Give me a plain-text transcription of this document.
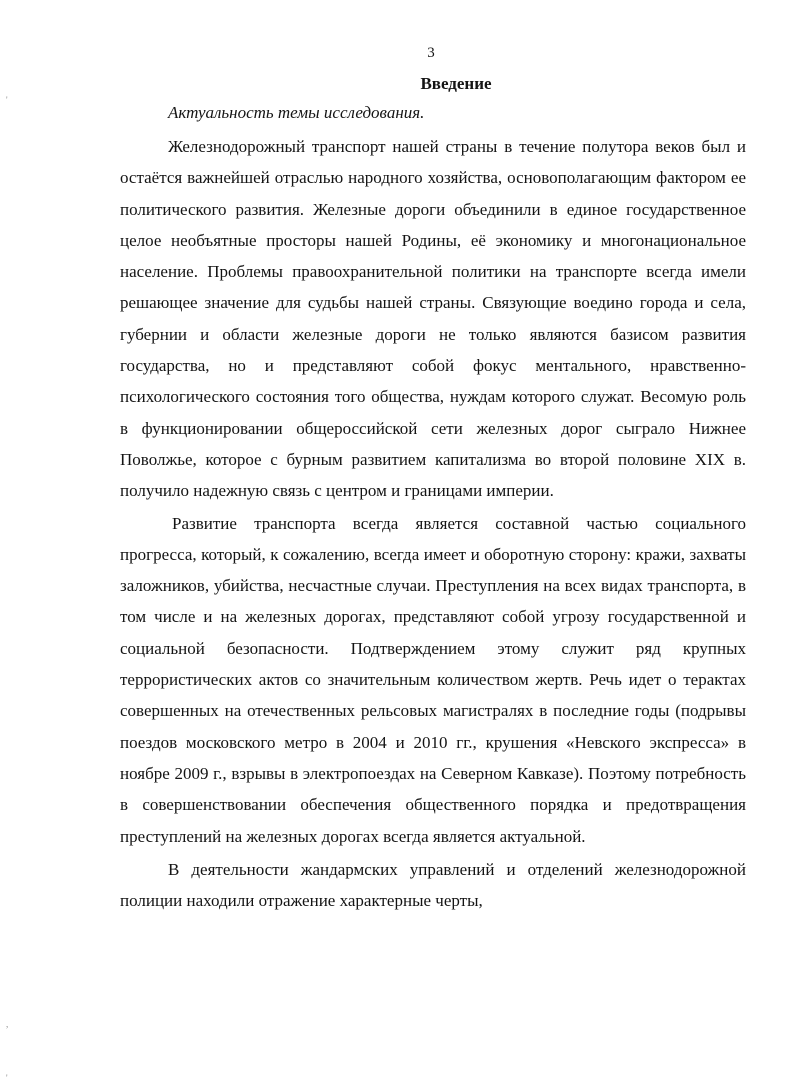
'
,
'
3
Введение
Актуальность темы исследования.

Железнодорожный транспорт нашей страны в течение полутора веков был и остаётся важнейшей отраслью народного хозяйства, основополагающим фактором ее политического развития. Железные дороги объединили в единое государственное целое необъятные просторы нашей Родины, её экономику и многонациональное население. Проблемы правоохранительной политики на транспорте всегда имели решающее значение для судьбы нашей страны. Связующие воедино города и села, губернии и области железные дороги не только являются базисом развития государства, но и представляют собой фокус ментального, нравственно-психологического состояния того общества, нуждам которого служат. Весомую роль в функционировании общероссийской сети железных дорог сыграло Нижнее Поволжье, которое с бурным развитием капитализма во второй половине XIX в. получило надежную связь с центром и границами империи.

Развитие транспорта всегда является составной частью социального прогресса, который, к сожалению, всегда имеет и оборотную сторону: кражи, захваты заложников, убийства, несчастные случаи. Преступления на всех видах транспорта, в том числе и на железных дорогах, представляют собой угрозу государственной и социальной безопасности. Подтверждением этому служит ряд крупных террористических актов со значительным количеством жертв. Речь идет о терактах совершенных на отечественных рельсовых магистралях в последние годы (подрывы поездов московского метро в 2004 и 2010 гг., крушения «Невского экспресса» в ноябре 2009 г., взрывы в электропоездах на Северном Кавказе). Поэтому потребность в совершенствовании обеспечения общественного порядка и предотвращения преступлений на железных дорогах всегда является актуальной.

В деятельности жандармских управлений и отделений железнодорожной полиции находили отражение характерные черты,
